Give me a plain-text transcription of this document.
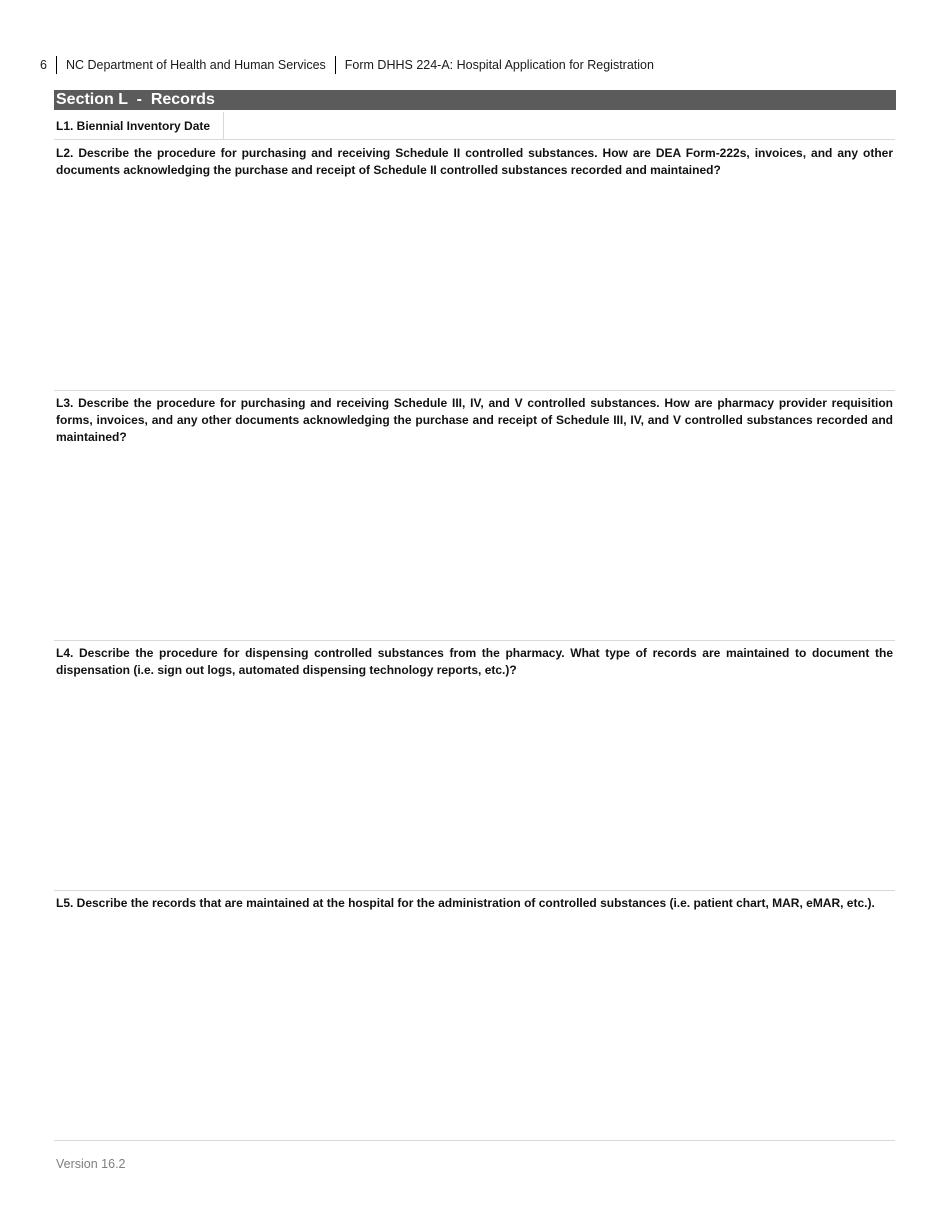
6 NC Department of Health and Human Services Form DHHS 224-A: Hospital Application for Registration
Section L  -  Records
L1. Biennial Inventory Date

L2. Describe the procedure for purchasing and receiving Schedule II controlled substances. How are DEA Form-222s, invoices, and any other documents acknowledging the purchase and receipt of Schedule II controlled substances recorded and maintained?

L3. Describe the procedure for purchasing and receiving Schedule III, IV, and V controlled substances. How are pharmacy provider requisition forms, invoices, and any other documents acknowledging the purchase and receipt of Schedule III, IV, and V controlled substances recorded and maintained?

L4. Describe the procedure for dispensing controlled substances from the pharmacy. What type of records are maintained to document the dispensation (i.e. sign out logs, automated dispensing technology reports, etc.)?

L5. Describe the records that are maintained at the hospital for the administration of controlled substances (i.e. patient chart, MAR, eMAR, etc.).

Version 16.2
